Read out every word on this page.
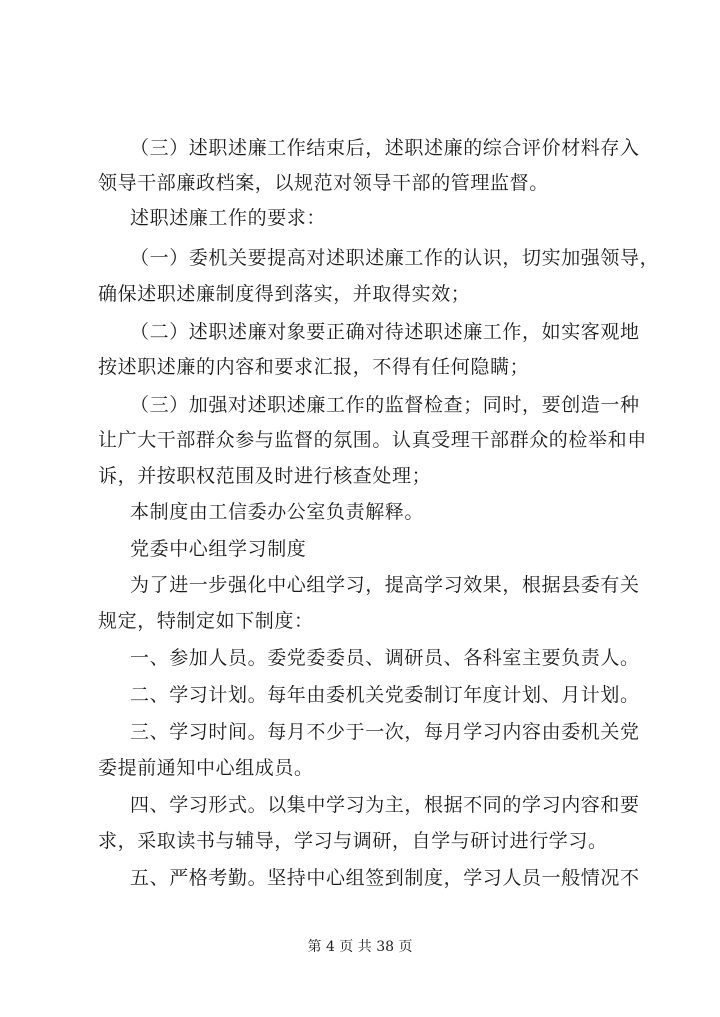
（三）述职述廉工作结束后，述职述廉的综合评价材料存入
领导干部廉政档案，以规范对领导干部的管理监督。
述职述廉工作的要求：
（一）委机关要提高对述职述廉工作的认识，切实加强领导，
确保述职述廉制度得到落实，并取得实效；
（二）述职述廉对象要正确对待述职述廉工作，如实客观地
按述职述廉的内容和要求汇报，不得有任何隐瞒；
（三）加强对述职述廉工作的监督检查；同时，要创造一种
让广大干部群众参与监督的氛围。认真受理干部群众的检举和申
诉，并按职权范围及时进行核查处理；
本制度由工信委办公室负责解释。
党委中心组学习制度
为了进一步强化中心组学习，提高学习效果，根据县委有关
规定，特制定如下制度：
一、参加人员。委党委委员、调研员、各科室主要负责人。
二、学习计划。每年由委机关党委制订年度计划、月计划。
三、学习时间。每月不少于一次，每月学习内容由委机关党
委提前通知中心组成员。
四、学习形式。以集中学习为主，根据不同的学习内容和要
求，采取读书与辅导，学习与调研，自学与研讨进行学习。
五、严格考勤。坚持中心组签到制度，学习人员一般情况不
第 4 页 共 38 页
